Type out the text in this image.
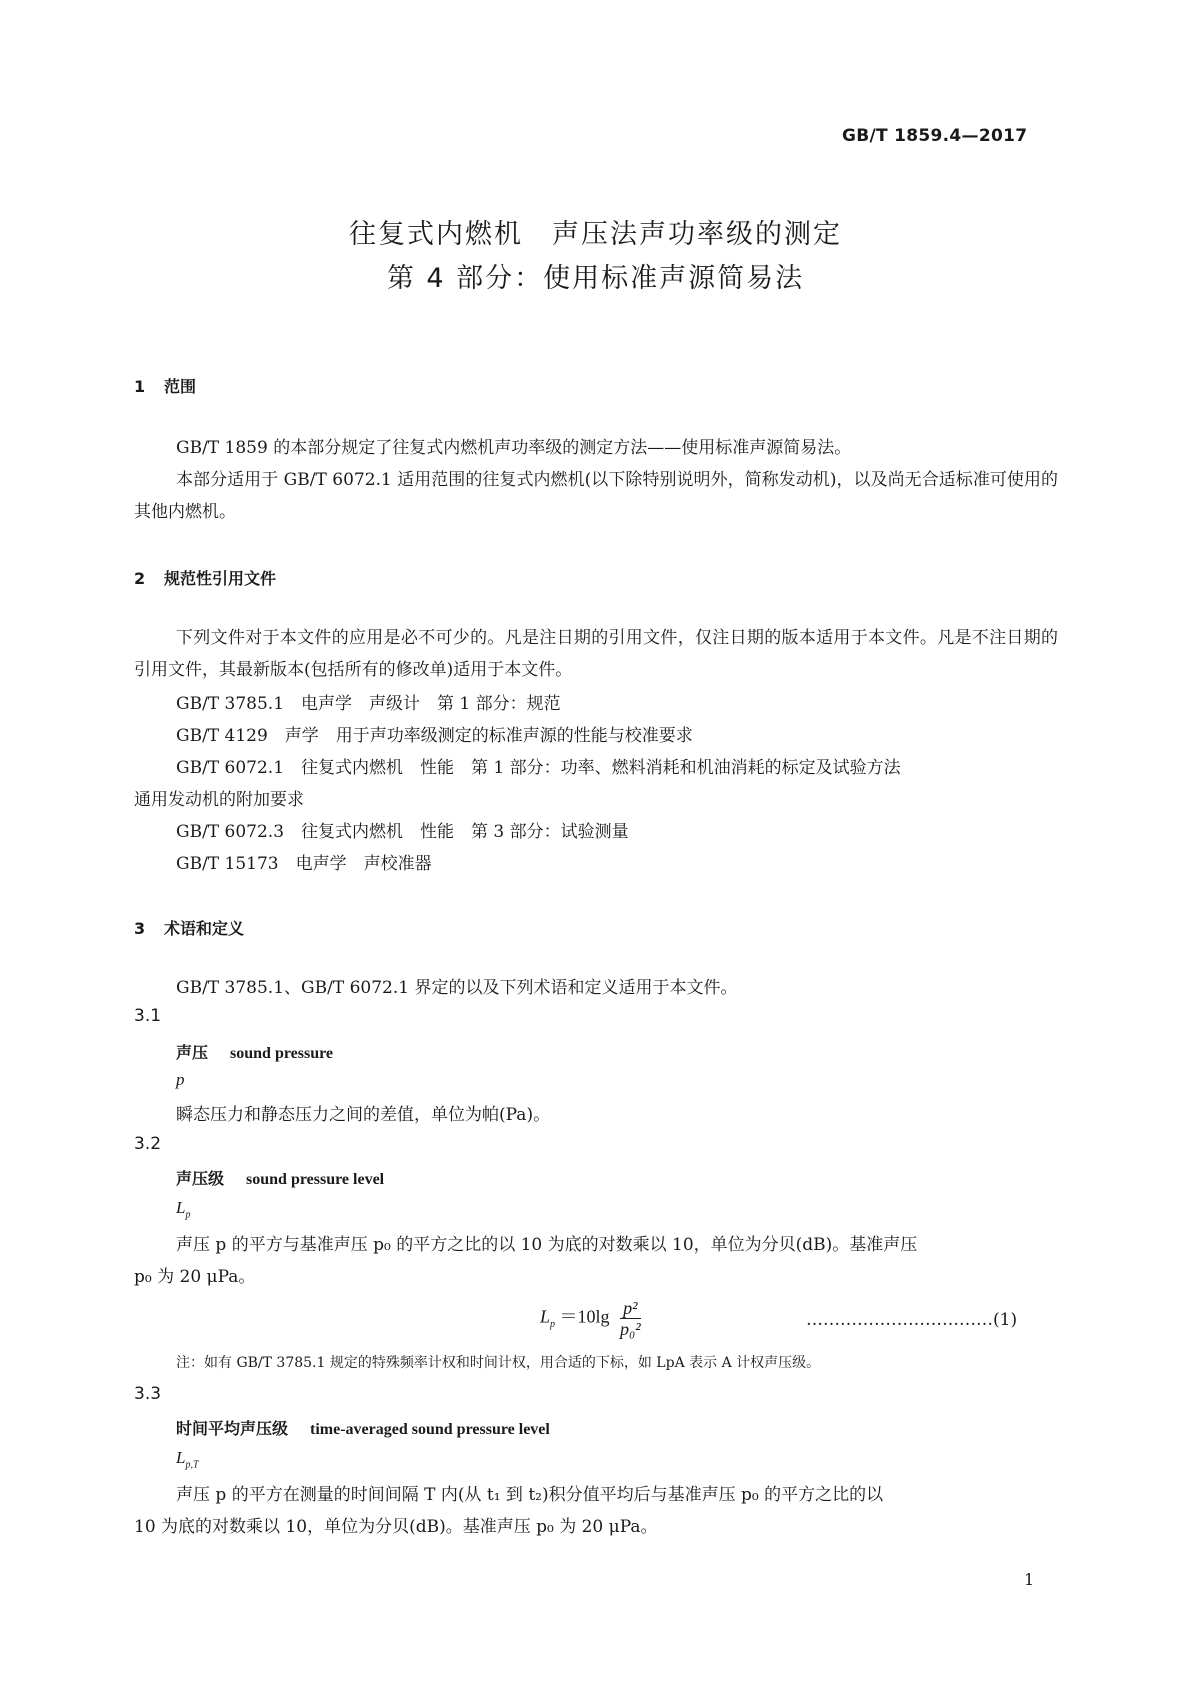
GB/T 1859.4—2017
往复式内燃机　声压法声功率级的测定
第 4 部分：使用标准声源简易法
1 范围

GB/T 1859 的本部分规定了往复式内燃机声功率级的测定方法——使用标准声源简易法。

本部分适用于 GB/T 6072.1 适用范围的往复式内燃机(以下除特别说明外，简称发动机)，以及尚无合适标准可使用的其他内燃机。

2 规范性引用文件

下列文件对于本文件的应用是必不可少的。凡是注日期的引用文件，仅注日期的版本适用于本文件。凡是不注日期的引用文件，其最新版本(包括所有的修改单)适用于本文件。

GB/T 3785.1　电声学　声级计　第 1 部分：规范
GB/T 4129　声学　用于声功率级测定的标准声源的性能与校准要求
GB/T 6072.1　往复式内燃机　性能　第 1 部分：功率、燃料消耗和机油消耗的标定及试验方法
通用发动机的附加要求
GB/T 6072.3　往复式内燃机　性能　第 3 部分：试验测量
GB/T 15173　电声学　声校准器
3 术语和定义
GB/T 3785.1、GB/T 6072.1 界定的以及下列术语和定义适用于本文件。
3.1
声压 sound pressure
p
瞬态压力和静态压力之间的差值，单位为帕(Pa)。
3.2
声压级 sound pressure level
$L_p$
声压 p 的平方与基准声压 p₀ 的平方之比的以 10 为底的对数乘以 10，单位为分贝(dB)。基准声压
p₀ 为 20 μPa。
$L_p =10\lg \frac{\text{p²}}{\text{p₀²}}$	……………………………(1)
注：如有 GB/T 3785.1 规定的特殊频率计权和时间计权，用合适的下标，如 LpA 表示 A 计权声压级。
3.3
时间平均声压级 time-averaged sound pressure level
$L_{p,T}$
声压 p 的平方在测量的时间间隔 T 内(从 t₁ 到 t₂)积分值平均后与基准声压 p₀ 的平方之比的以
10 为底的对数乘以 10，单位为分贝(dB)。基准声压 p₀ 为 20 μPa。
1
